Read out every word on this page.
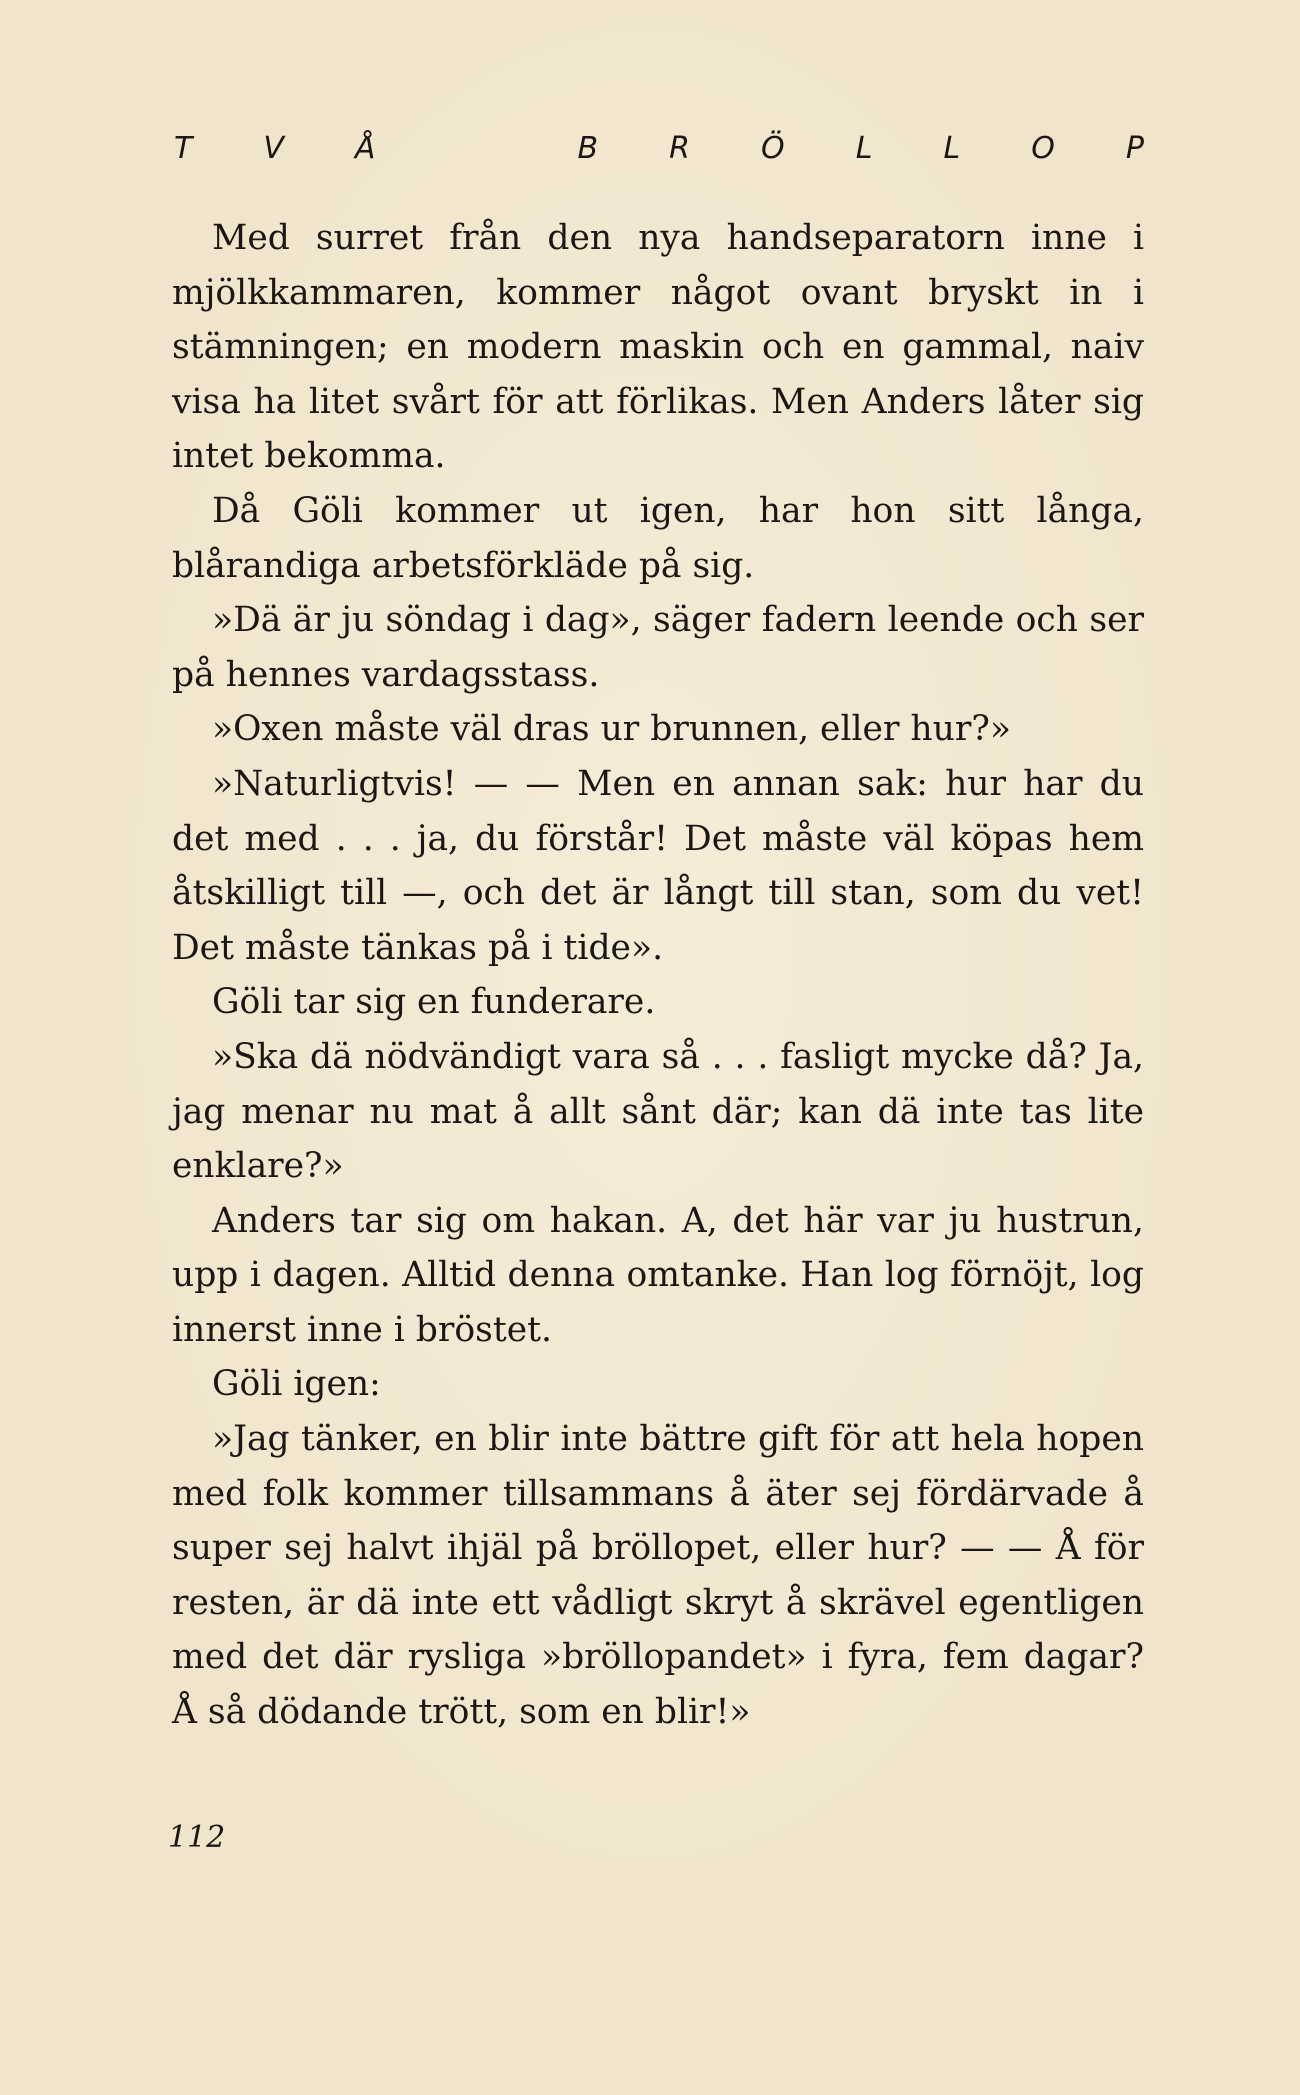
T V Å	B R Ö L L O P

Med surret från den nya handseparatorn inne i mjölkkammaren, kommer något ovant bryskt in i stämningen; en modern maskin och en gammal, naiv visa ha litet svårt för att förlikas. Men Anders låter sig intet bekomma.

Då Göli kommer ut igen, har hon sitt långa, blårandiga arbetsförkläde på sig.

»Dä är ju söndag i dag», säger fadern leende och ser på hennes vardagsstass.

»Oxen måste väl dras ur brunnen, eller hur?»

»Naturligtvis! — — Men en annan sak: hur har du det med . . . ja, du förstår! Det måste väl köpas hem åtskilligt till —, och det är långt till stan, som du vet! Det måste tänkas på i tide».

Göli tar sig en funderare.

»Ska dä nödvändigt vara så . . . fasligt mycke då? Ja, jag menar nu mat å allt sånt där; kan dä inte tas lite enklare?»

Anders tar sig om hakan. A, det här var ju hustrun, upp i dagen. Alltid denna omtanke. Han log förnöjt, log innerst inne i bröstet.

Göli igen:

»Jag tänker, en blir inte bättre gift för att hela hopen med folk kommer tillsammans å äter sej fördärvade å super sej halvt ihjäl på bröllopet, eller hur? — — Å för resten, är dä inte ett vådligt skryt å skrävel egentligen med det där rysliga »bröllopandet» i fyra, fem dagar? Å så dödande trött, som en blir!»

112
